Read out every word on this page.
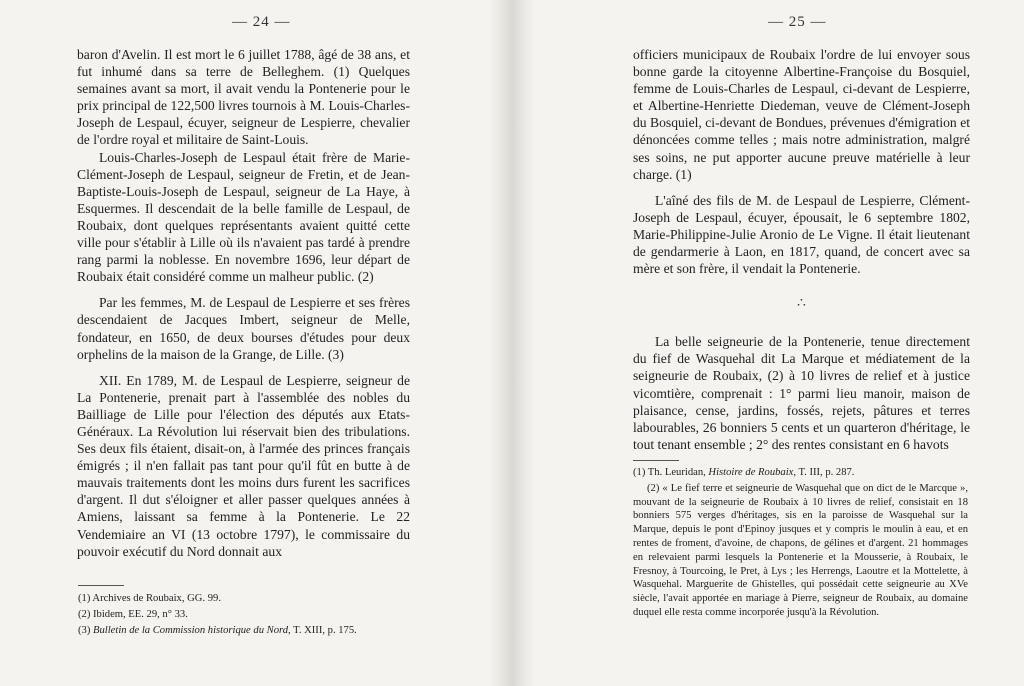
— 24 —

baron d'Avelin. Il est mort le 6 juillet 1788, âgé de 38 ans, et fut inhumé dans sa terre de Belleghem. (1) Quelques semaines avant sa mort, il avait vendu la Pontenerie pour le prix principal de 122,500 livres tournois à M. Louis-Charles-Joseph de Lespaul, écuyer, seigneur de Lespierre, chevalier de l'ordre royal et militaire de Saint-Louis.

Louis-Charles-Joseph de Lespaul était frère de Marie-Clément-Joseph de Lespaul, seigneur de Fretin, et de Jean-Baptiste-Louis-Joseph de Lespaul, seigneur de La Haye, à Esquermes. Il descendait de la belle famille de Lespaul, de Roubaix, dont quelques représentants avaient quitté cette ville pour s'établir à Lille où ils n'avaient pas tardé à prendre rang parmi la noblesse. En novembre 1696, leur départ de Roubaix était considéré comme un malheur public. (2)

Par les femmes, M. de Lespaul de Lespierre et ses frères descendaient de Jacques Imbert, seigneur de Melle, fondateur, en 1650, de deux bourses d'études pour deux orphelins de la maison de la Grange, de Lille. (3)

XII. En 1789, M. de Lespaul de Lespierre, seigneur de La Pontenerie, prenait part à l'assemblée des nobles du Bailliage de Lille pour l'élection des députés aux Etats-Généraux. La Révolution lui réservait bien des tribulations. Ses deux fils étaient, disait-on, à l'armée des princes français émigrés ; il n'en fallait pas tant pour qu'il fût en butte à de mauvais traitements dont les moins durs furent les sacrifices d'argent. Il dut s'éloigner et aller passer quelques années à Amiens, laissant sa femme à la Pontenerie. Le 22 Vendemiaire an VI (13 octobre 1797), le commissaire du pouvoir exécutif du Nord donnait aux

(1) Archives de Roubaix, GG. 99.

(2) Ibidem, EE. 29, n° 33.

(3) Bulletin de la Commission historique du Nord, T. XIII, p. 175.

— 25 —

officiers municipaux de Roubaix l'ordre de lui envoyer sous bonne garde la citoyenne Albertine-Françoise du Bosquiel, femme de Louis-Charles de Lespaul, ci-devant de Lespierre, et Albertine-Henriette Diedeman, veuve de Clément-Joseph du Bosquiel, ci-devant de Bondues, prévenues d'émigration et dénoncées comme telles ; mais notre administration, malgré ses soins, ne put apporter aucune preuve matérielle à leur charge. (1)

L'aîné des fils de M. de Lespaul de Lespierre, Clément-Joseph de Lespaul, écuyer, épousait, le 6 septembre 1802, Marie-Philippine-Julie Aronio de Le Vigne. Il était lieutenant de gendarmerie à Laon, en 1817, quand, de concert avec sa mère et son frère, il vendait la Pontenerie.

∴

La belle seigneurie de la Pontenerie, tenue directement du fief de Wasquehal dit La Marque et médiatement de la seigneurie de Roubaix, (2) à 10 livres de relief et à justice vicomtière, comprenait : 1° parmi lieu manoir, maison de plaisance, cense, jardins, fossés, rejets, pâtures et terres labourables, 26 bonniers 5 cents et un quarteron d'héritage, le tout tenant ensemble ; 2° des rentes consistant en 6 havots

(1) Th. Leuridan, Histoire de Roubaix, T. III, p. 287.

(2) « Le fief terre et seigneurie de Wasquehal que on dict de le Marcque », mouvant de la seigneurie de Roubaix à 10 livres de relief, consistait en 18 bonniers 575 verges d'héritages, sis en la paroisse de Wasquehal sur la Marque, depuis le pont d'Epinoy jusques et y compris le moulin à eau, et en rentes de froment, d'avoine, de chapons, de gélines et d'argent. 21 hommages en relevaient parmi lesquels la Pontenerie et la Mousserie, à Roubaix, le Fresnoy, à Tourcoing, le Pret, à Lys ; les Herrengs, Laoutre et la Mottelette, à Wasquehal. Marguerite de Ghistelles, qui possédait cette seigneurie au XVe siècle, l'avait apportée en mariage à Pierre, seigneur de Roubaix, au domaine duquel elle resta comme incorporée jusqu'à la Révolution.
